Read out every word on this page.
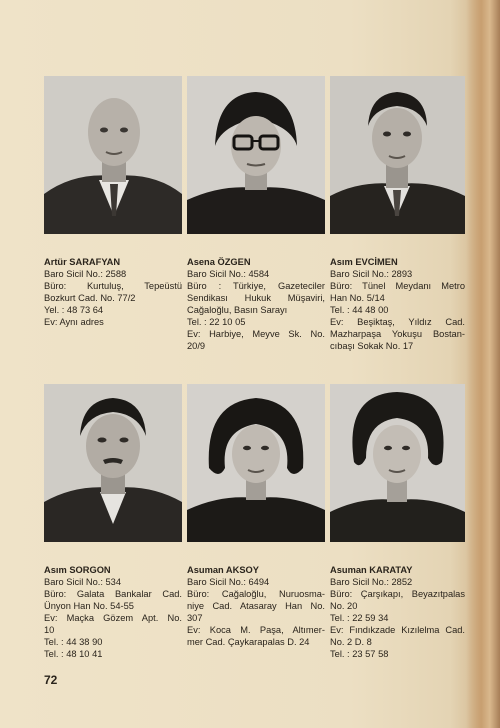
Artür SARAFYAN
Baro Sicil No.: 2588
Büro: Kurtuluş, Tepeüstü
Bozkurt Cad. No. 77/2
Yel. : 48 73 64
Ev: Aynı adres
Asena ÖZGEN
Baro Sicil No.: 4584
Büro : Türkiye, Gazeteciler
Sendikası Hukuk Müşaviri,
Cağaloğlu, Basın Sarayı
Tel. : 22 10 05
Ev: Harbiye, Meyve Sk. No.
20/9
Asım EVCİMEN
Baro Sicil No.: 2893
Büro: Tünel Meydanı Metro
Han No. 5/14
Tel. : 44 48 00
Ev: Beşiktaş, Yıldız Cad.
Mazharpaşa Yokuşu Bostan-
cıbaşı Sokak No. 17
Asım SORGON
Baro Sicil No.: 534
Büro: Galata Bankalar Cad.
Ünyon Han No. 54-55
Ev: Maçka Gözem Apt. No.
10
Tel. : 44 38 90
Tel. : 48 10 41
Asuman AKSOY
Baro Sicil No.: 6494
Büro: Cağaloğlu, Nuruosma-
niye Cad. Atasaray Han No.
307
Ev: Koca M. Paşa, Altımer-
mer Cad. Çaykarapalas D. 24
Asuman KARATAY
Baro Sicil No.: 2852
Büro: Çarşıkapı, Beyazıtpalas
No. 20
Tel. : 22 59 34
Ev: Fındıkzade Kızılelma Cad.
No. 2 D. 8
Tel. : 23 57 58
72
